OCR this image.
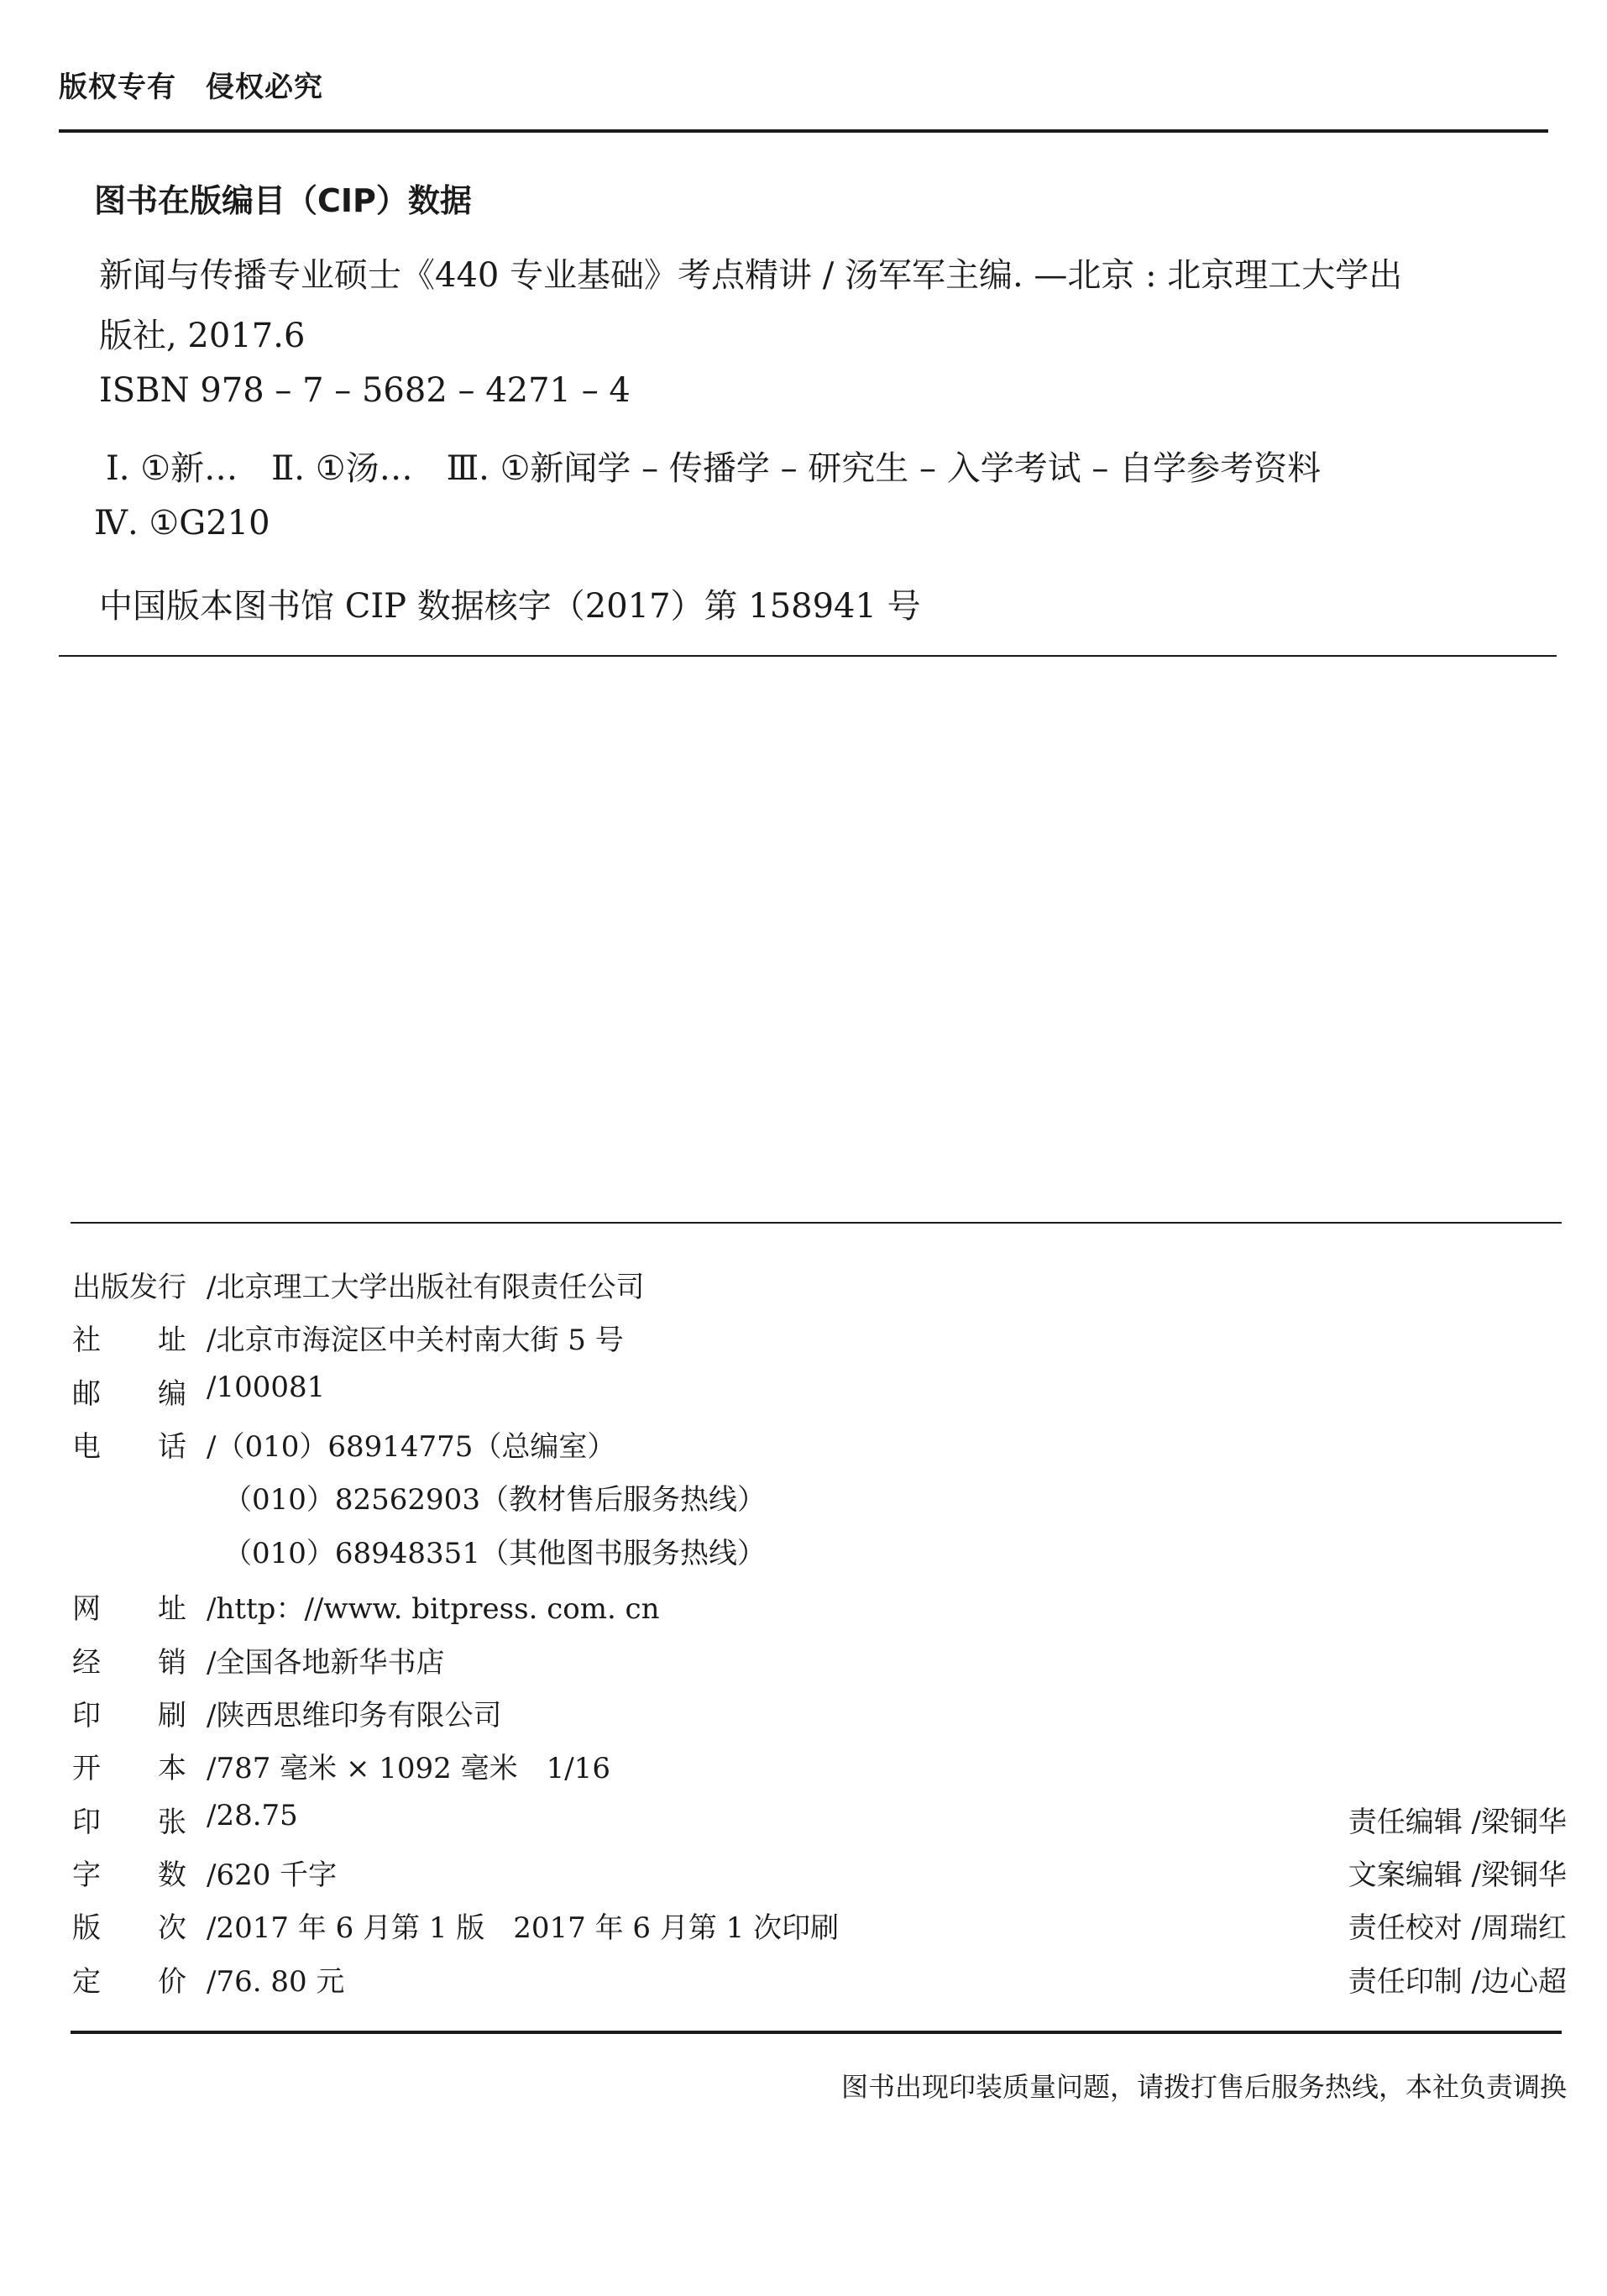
版权专有　侵权必究
图书在版编目（CIP）数据
新闻与传播专业硕士《440 专业基础》考点精讲 / 汤军军主编. —北京 : 北京理工大学出
版社, 2017.6
ISBN 978 – 7 – 5682 – 4271 – 4
Ⅰ. ①新…　Ⅱ. ①汤…　Ⅲ. ①新闻学 – 传播学 – 研究生 – 入学考试 – 自学参考资料
Ⅳ. ①G210
中国版本图书馆 CIP 数据核字（2017）第 158941 号
出版发行 /北京理工大学出版社有限责任公司
社　　址 /北京市海淀区中关村南大街 5 号
邮　　编 /100081
电　　话 /（010）68914775（总编室）
（010）82562903（教材售后服务热线）
（010）68948351（其他图书服务热线）
网　　址 /http：//www. bitpress. com. cn
经　　销 /全国各地新华书店
印　　刷 /陕西思维印务有限公司
开　　本 /787 毫米 × 1092 毫米　1/16
印　　张 /28.75
字　　数 /620 千字
版　　次 /2017 年 6 月第 1 版　2017 年 6 月第 1 次印刷
定　　价 /76. 80 元
责任编辑 /梁铜华
文案编辑 /梁铜华
责任校对 /周瑞红
责任印制 /边心超
图书出现印装质量问题，请拨打售后服务热线，本社负责调换
